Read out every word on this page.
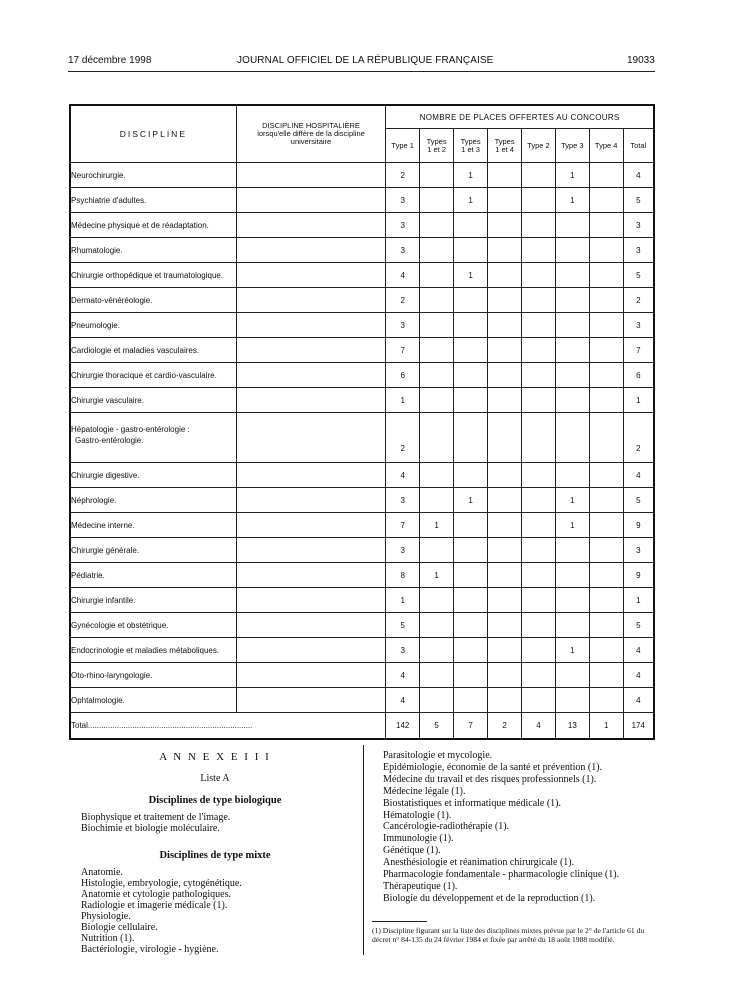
17 décembre 1998	JOURNAL OFFICIEL DE LA RÉPUBLIQUE FRANÇAISE	19033
DISCIPLINE	DISCIPLINE HOSPITALIÈRE lorsqu'elle diffère de la discipline universitaire	NOMBRE DE PLACES OFFERTES AU CONCOURS							
		Type 1	Types 1 et 2	Types 1 et 3	Types 1 et 4	Type 2	Type 3	Type 4	Total

Neurochirurgie.		2		1			1		4

Psychiatrie d'adultes.		3		1			1		5

Médecine physique et de réadaptation.		3							3

Rhumatologie.		3							3

Chirurgie orthopédique et traumatologique.		4		1					5

Dermato-vénéréologie.		2							2

Pneumologie.		3							3

Cardiologie et maladies vasculaires.		7							7

Chirurgie thoracique et cardio-vasculaire.		6							6

Chirurgie vasculaire.		1							1

Hépatologie - gastro-entérologie :
Gastro-entérologie.		2							2

Chirurgie digestive.		4							4

Néphrologie.		3		1			1		5

Médecine interne.		7	1				1		9

Chirurgie générale.		3							3

Pédiatrie.		8	1						9

Chirurgie infantile.		1							1

Gynécologie et obstétrique.		5							5

Endocrinologie et maladies métaboliques.		3					1		4

Oto-rhino-laryngologie.		4							4

Ophtalmologie.		4							4
Total..........................................................................		142	5	7	2	4	13	1	174
A N N E X E I I I
Liste A
Disciplines de type biologique
Biophysique et traitement de l'image.
Biochimie et biologie moléculaire.
Disciplines de type mixte
Anatomie.
Histologie, embryologie, cytogénétique.
Anatomie et cytologie pathologiques.
Radiologie et imagerie médicale (1).
Physiologie.
Biologie cellulaire.
Nutrition (1).
Bactériologie, virologie - hygiène.
Parasitologie et mycologie.
Epidémiologie, économie de la santé et prévention (1).
Médecine du travail et des risques professionnels (1).
Médecine légale (1).
Biostatistiques et informatique médicale (1).
Hématologie (1).
Cancérologie-radiothérapie (1).
Immunologie (1).
Génétique (1).
Anesthésiologie et réanimation chirurgicale (1).
Pharmacologie fondamentale - pharmacologie clinique (1).
Thérapeutique (1).
Biologie du développement et de la reproduction (1).
(1) Discipline figurant sur la liste des disciplines mixtes prévue par le 2° de l'article 61 du décret n° 84-135 du 24 février 1984 et fixée par arrêté du 18 août 1988 modifié.
